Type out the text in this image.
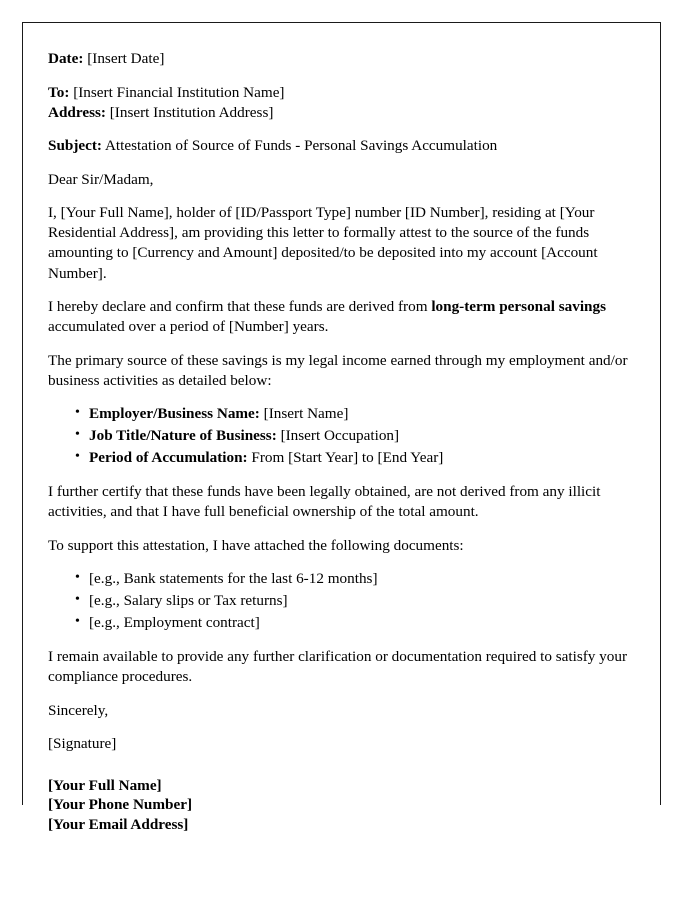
Date: [Insert Date]
To: [Insert Financial Institution Name]
Address: [Insert Institution Address]
Subject: Attestation of Source of Funds - Personal Savings Accumulation
Dear Sir/Madam,

I, [Your Full Name], holder of [ID/Passport Type] number [ID Number], residing at [Your Residential Address], am providing this letter to formally attest to the source of the funds amounting to [Currency and Amount] deposited/to be deposited into my account [Account Number].

I hereby declare and confirm that these funds are derived from long-term personal savings accumulated over a period of [Number] years.

The primary source of these savings is my legal income earned through my employment and/or business activities as detailed below:

• Employer/Business Name: [Insert Name]
• Job Title/Nature of Business: [Insert Occupation]
• Period of Accumulation: From [Start Year] to [End Year]

I further certify that these funds have been legally obtained, are not derived from any illicit activities, and that I have full beneficial ownership of the total amount.

To support this attestation, I have attached the following documents:

• [e.g., Bank statements for the last 6-12 months]
• [e.g., Salary slips or Tax returns]
• [e.g., Employment contract]

I remain available to provide any further clarification or documentation required to satisfy your compliance procedures.

Sincerely,
[Signature]
[Your Full Name]
[Your Phone Number]
[Your Email Address]
